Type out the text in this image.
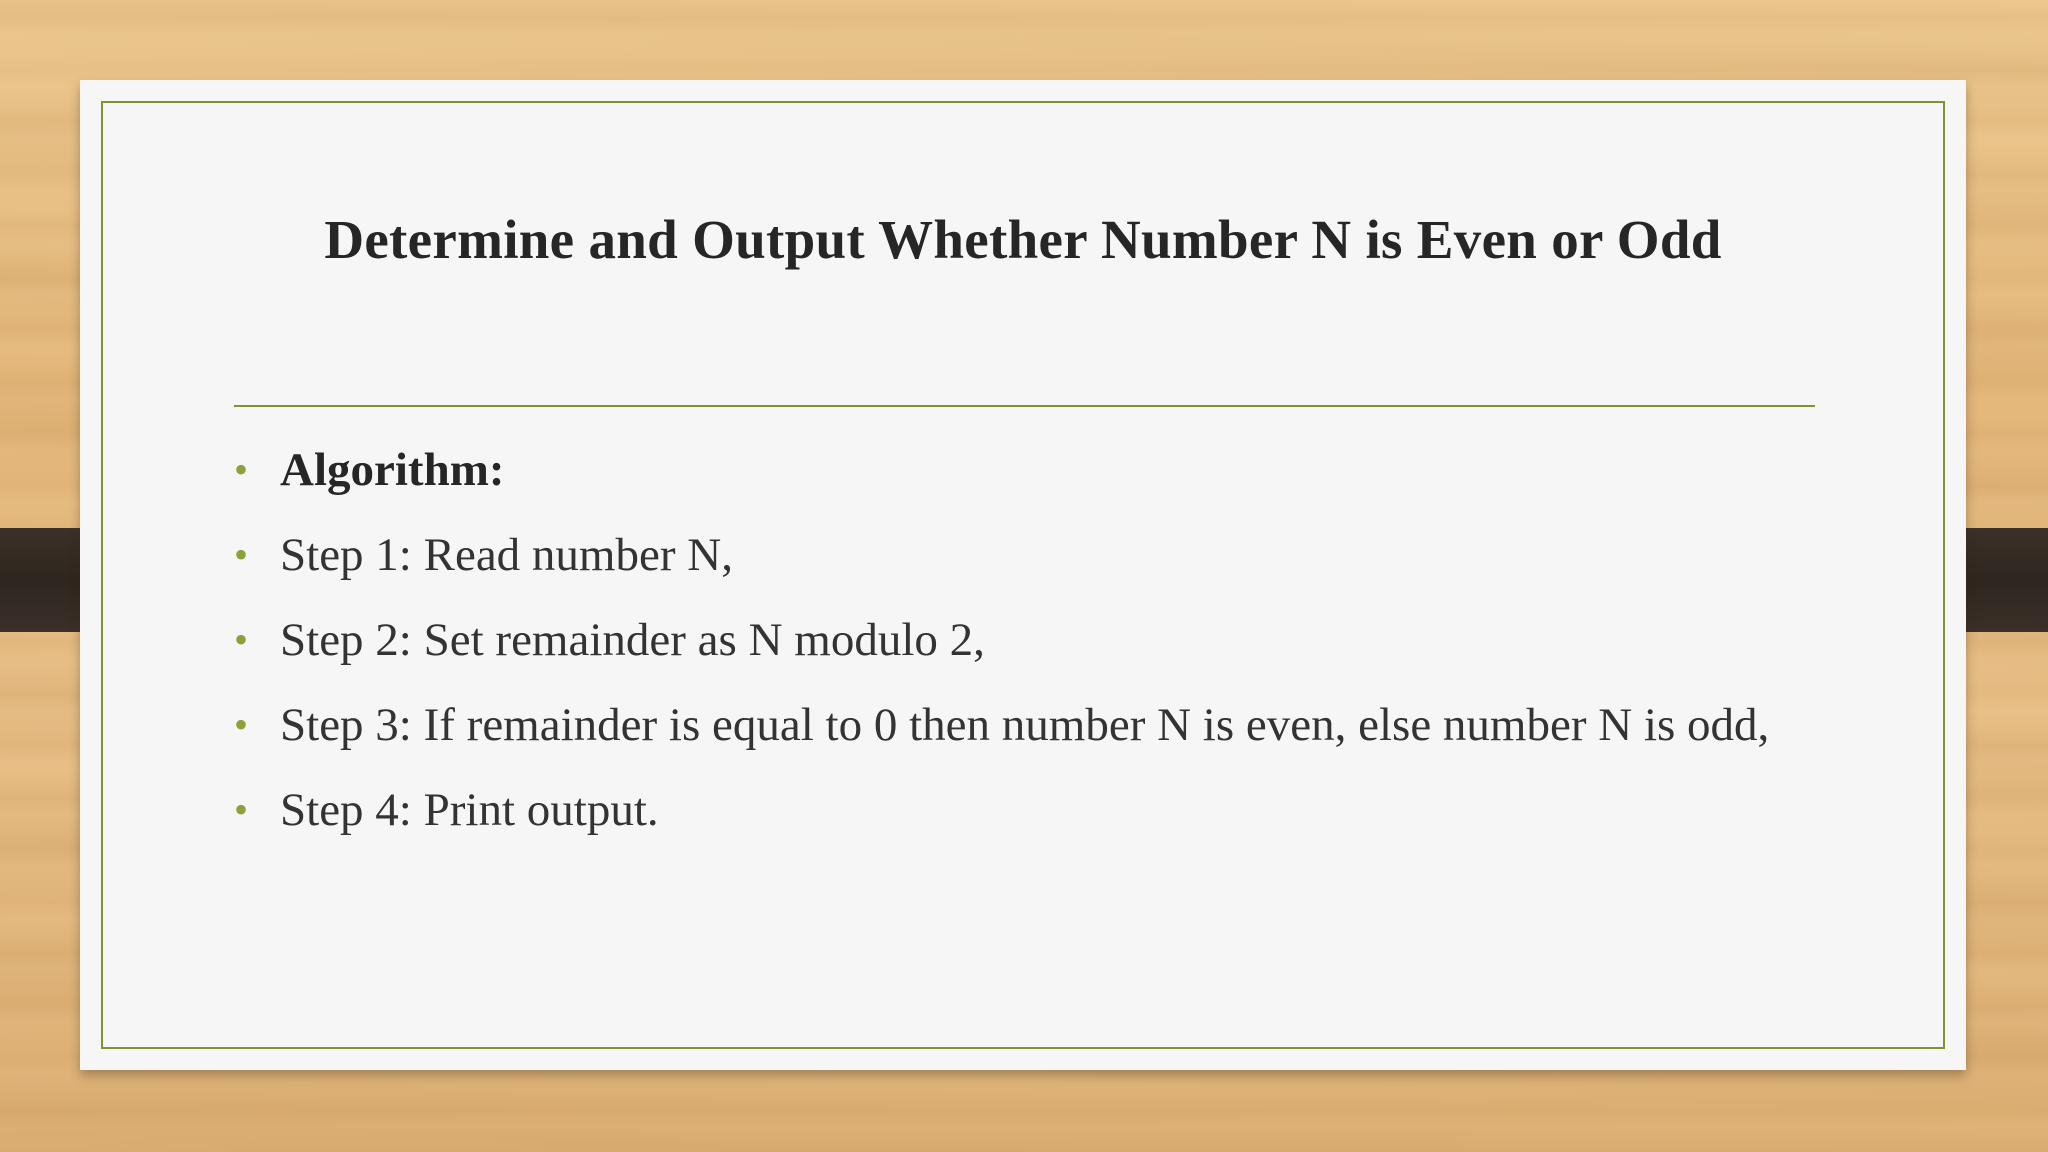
Determine and Output Whether Number N is Even or Odd
• Algorithm:
• Step 1: Read number N,
• Step 2: Set remainder as N modulo 2,
• Step 3: If remainder is equal to 0 then number N is even, else number N is odd,
• Step 4: Print output.
